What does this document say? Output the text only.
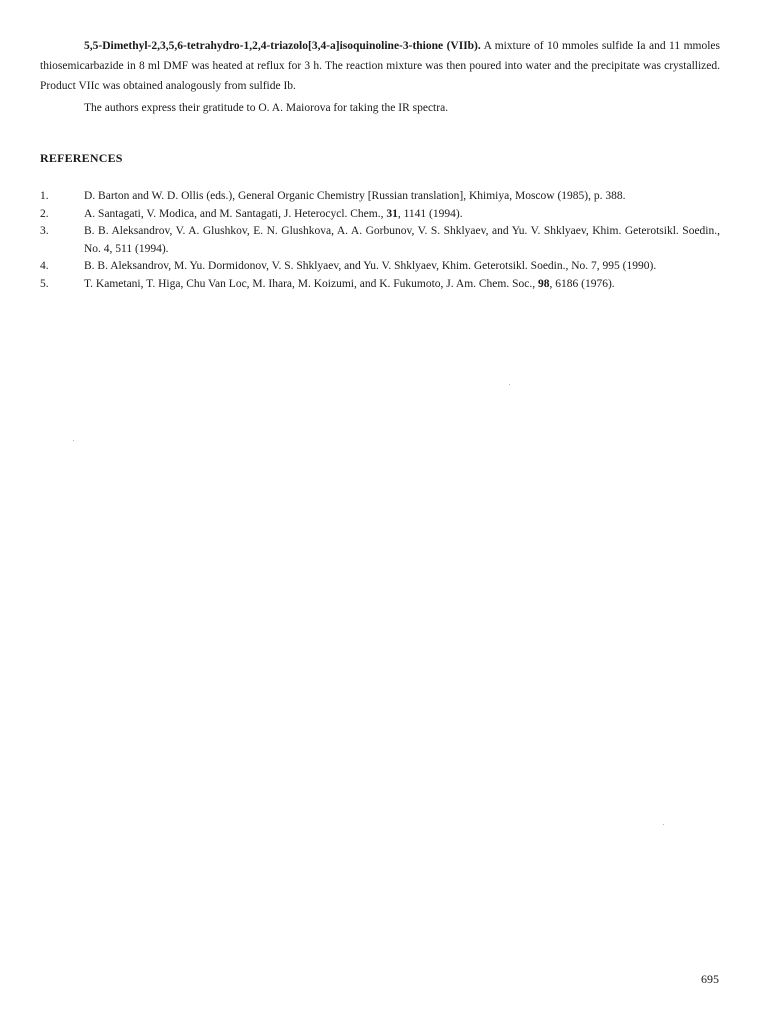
5,5-Dimethyl-2,3,5,6-tetrahydro-1,2,4-triazolo[3,4-a]isoquinoline-3-thione (VIIb). A mixture of 10 mmoles sulfide Ia and 11 mmoles thiosemicarbazide in 8 ml DMF was heated at reflux for 3 h. The reaction mixture was then poured into water and the precipitate was crystallized. Product VIIc was obtained analogously from sulfide Ib.

The authors express their gratitude to O. A. Maiorova for taking the IR spectra.

REFERENCES
1.	D. Barton and W. D. Ollis (eds.), General Organic Chemistry [Russian translation], Khimiya, Moscow (1985), p. 388.
2.	A. Santagati, V. Modica, and M. Santagati, J. Heterocycl. Chem., 31, 1141 (1994).
3.	B. B. Aleksandrov, V. A. Glushkov, E. N. Glushkova, A. A. Gorbunov, V. S. Shklyaev, and Yu. V. Shklyaev, Khim. Geterotsikl. Soedin., No. 4, 511 (1994).
4.	B. B. Aleksandrov, M. Yu. Dormidonov, V. S. Shklyaev, and Yu. V. Shklyaev, Khim. Geterotsikl. Soedin., No. 7, 995 (1990).
5.	T. Kametani, T. Higa, Chu Van Loc, M. Ihara, M. Koizumi, and K. Fukumoto, J. Am. Chem. Soc., 98, 6186 (1976).
695
